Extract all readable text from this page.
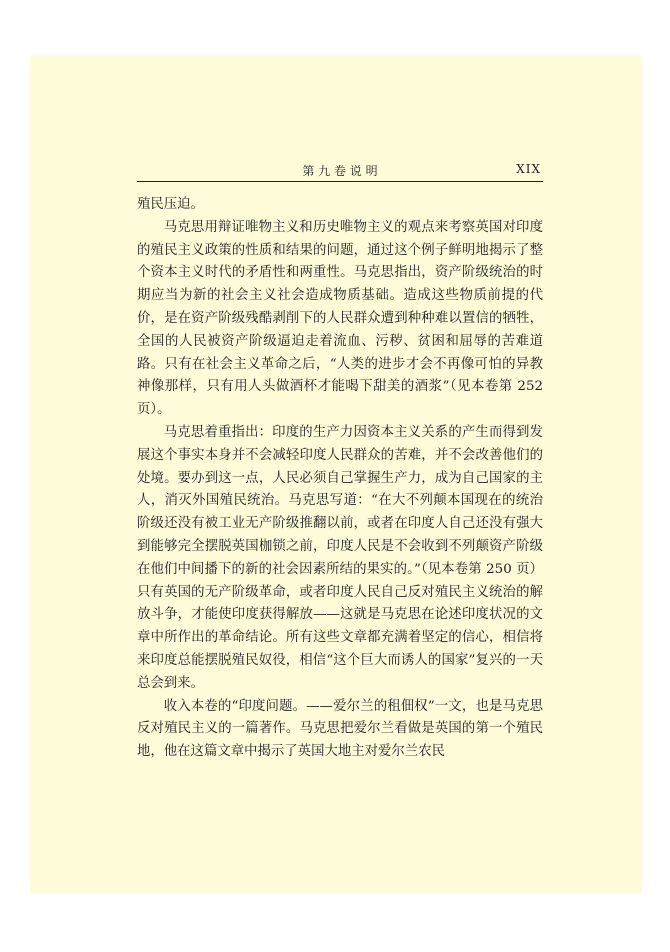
第 九 卷 说 明	XIX

殖民压迫。

马克思用辩证唯物主义和历史唯物主义的观点来考察英国对印度的殖民主义政策的性质和结果的问题，通过这个例子鲜明地揭示了整个资本主义时代的矛盾性和两重性。马克思指出，资产阶级统治的时期应当为新的社会主义社会造成物质基础。造成这些物质前提的代价，是在资产阶级残酷剥削下的人民群众遭到种种难以置信的牺牲，全国的人民被资产阶级逼迫走着流血、污秽、贫困和屈辱的苦难道路。只有在社会主义革命之后，“人类的进步才会不再像可怕的异教神像那样，只有用人头做酒杯才能喝下甜美的酒浆”（见本卷第 252 页）。

马克思着重指出：印度的生产力因资本主义关系的产生而得到发展这个事实本身并不会减轻印度人民群众的苦难，并不会改善他们的处境。要办到这一点，人民必须自己掌握生产力，成为自己国家的主人，消灭外国殖民统治。马克思写道：“在大不列颠本国现在的统治阶级还没有被工业无产阶级推翻以前，或者在印度人自己还没有强大到能够完全摆脱英国枷锁之前，印度人民是不会收到不列颠资产阶级在他们中间播下的新的社会因素所结的果实的。”（见本卷第 250 页）只有英国的无产阶级革命，或者印度人民自己反对殖民主义统治的解放斗争，才能使印度获得解放——这就是马克思在论述印度状况的文章中所作出的革命结论。所有这些文章都充满着坚定的信心，相信将来印度总能摆脱殖民奴役，相信“这个巨大而诱人的国家”复兴的一天总会到来。

收入本卷的“印度问题。——爱尔兰的租佃权”一文，也是马克思反对殖民主义的一篇著作。马克思把爱尔兰看做是英国的第一个殖民地，他在这篇文章中揭示了英国大地主对爱尔兰农民
